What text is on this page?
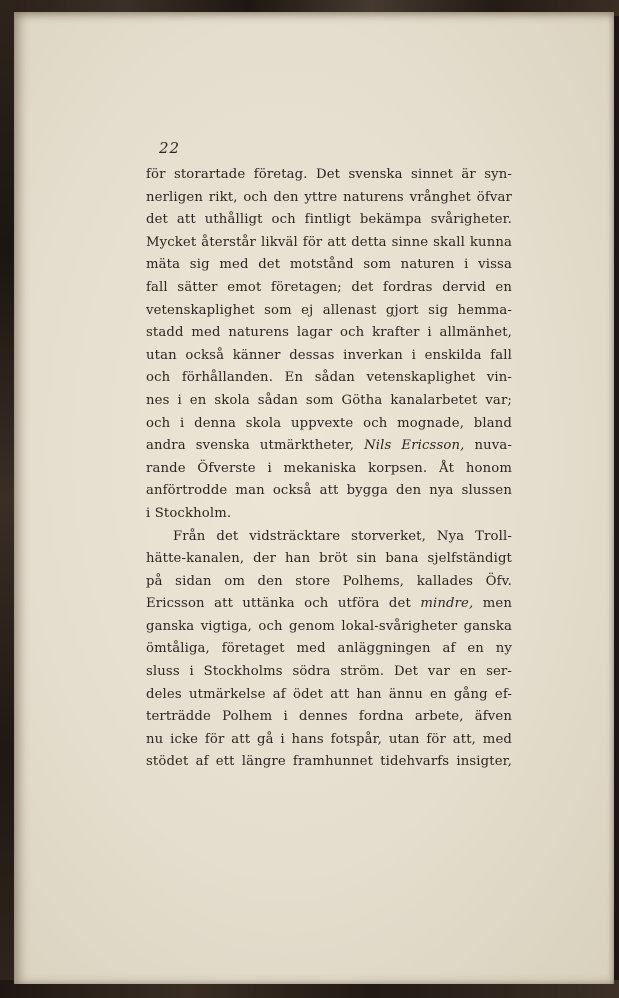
22
för storartade företag. Det svenska sinnet är syn-
nerligen rikt, och den yttre naturens vrånghet öfvar
det att uthålligt och fintligt bekämpa svårigheter.
Mycket återstår likväl för att detta sinne skall kunna
mäta sig med det motstånd som naturen i vissa
fall sätter emot företagen; det fordras dervid en
vetenskaplighet som ej allenast gjort sig hemma-
stadd med naturens lagar och krafter i allmänhet,
utan också känner dessas inverkan i enskilda fall
och förhållanden. En sådan vetenskaplighet vin-
nes i en skola sådan som Götha kanalarbetet var;
och i denna skola uppvexte och mognade, bland
andra svenska utmärktheter, Nils Ericsson, nuva-
rande Öfverste i mekaniska korpsen. Åt honom
anförtrodde man också att bygga den nya slussen
i Stockholm.
Från det vidsträcktare storverket, Nya Troll-
hätte-kanalen, der han bröt sin bana sjelfständigt
på sidan om den store Polhems, kallades Öfv.
Ericsson att uttänka och utföra det mindre, men
ganska vigtiga, och genom lokal-svårigheter ganska
ömtåliga, företaget med anläggningen af en ny
sluss i Stockholms södra ström. Det var en ser-
deles utmärkelse af ödet att han ännu en gång ef-
terträdde Polhem i dennes fordna arbete, äfven
nu icke för att gå i hans fotspår, utan för att, med
stödet af ett längre framhunnet tidehvarfs insigter,
